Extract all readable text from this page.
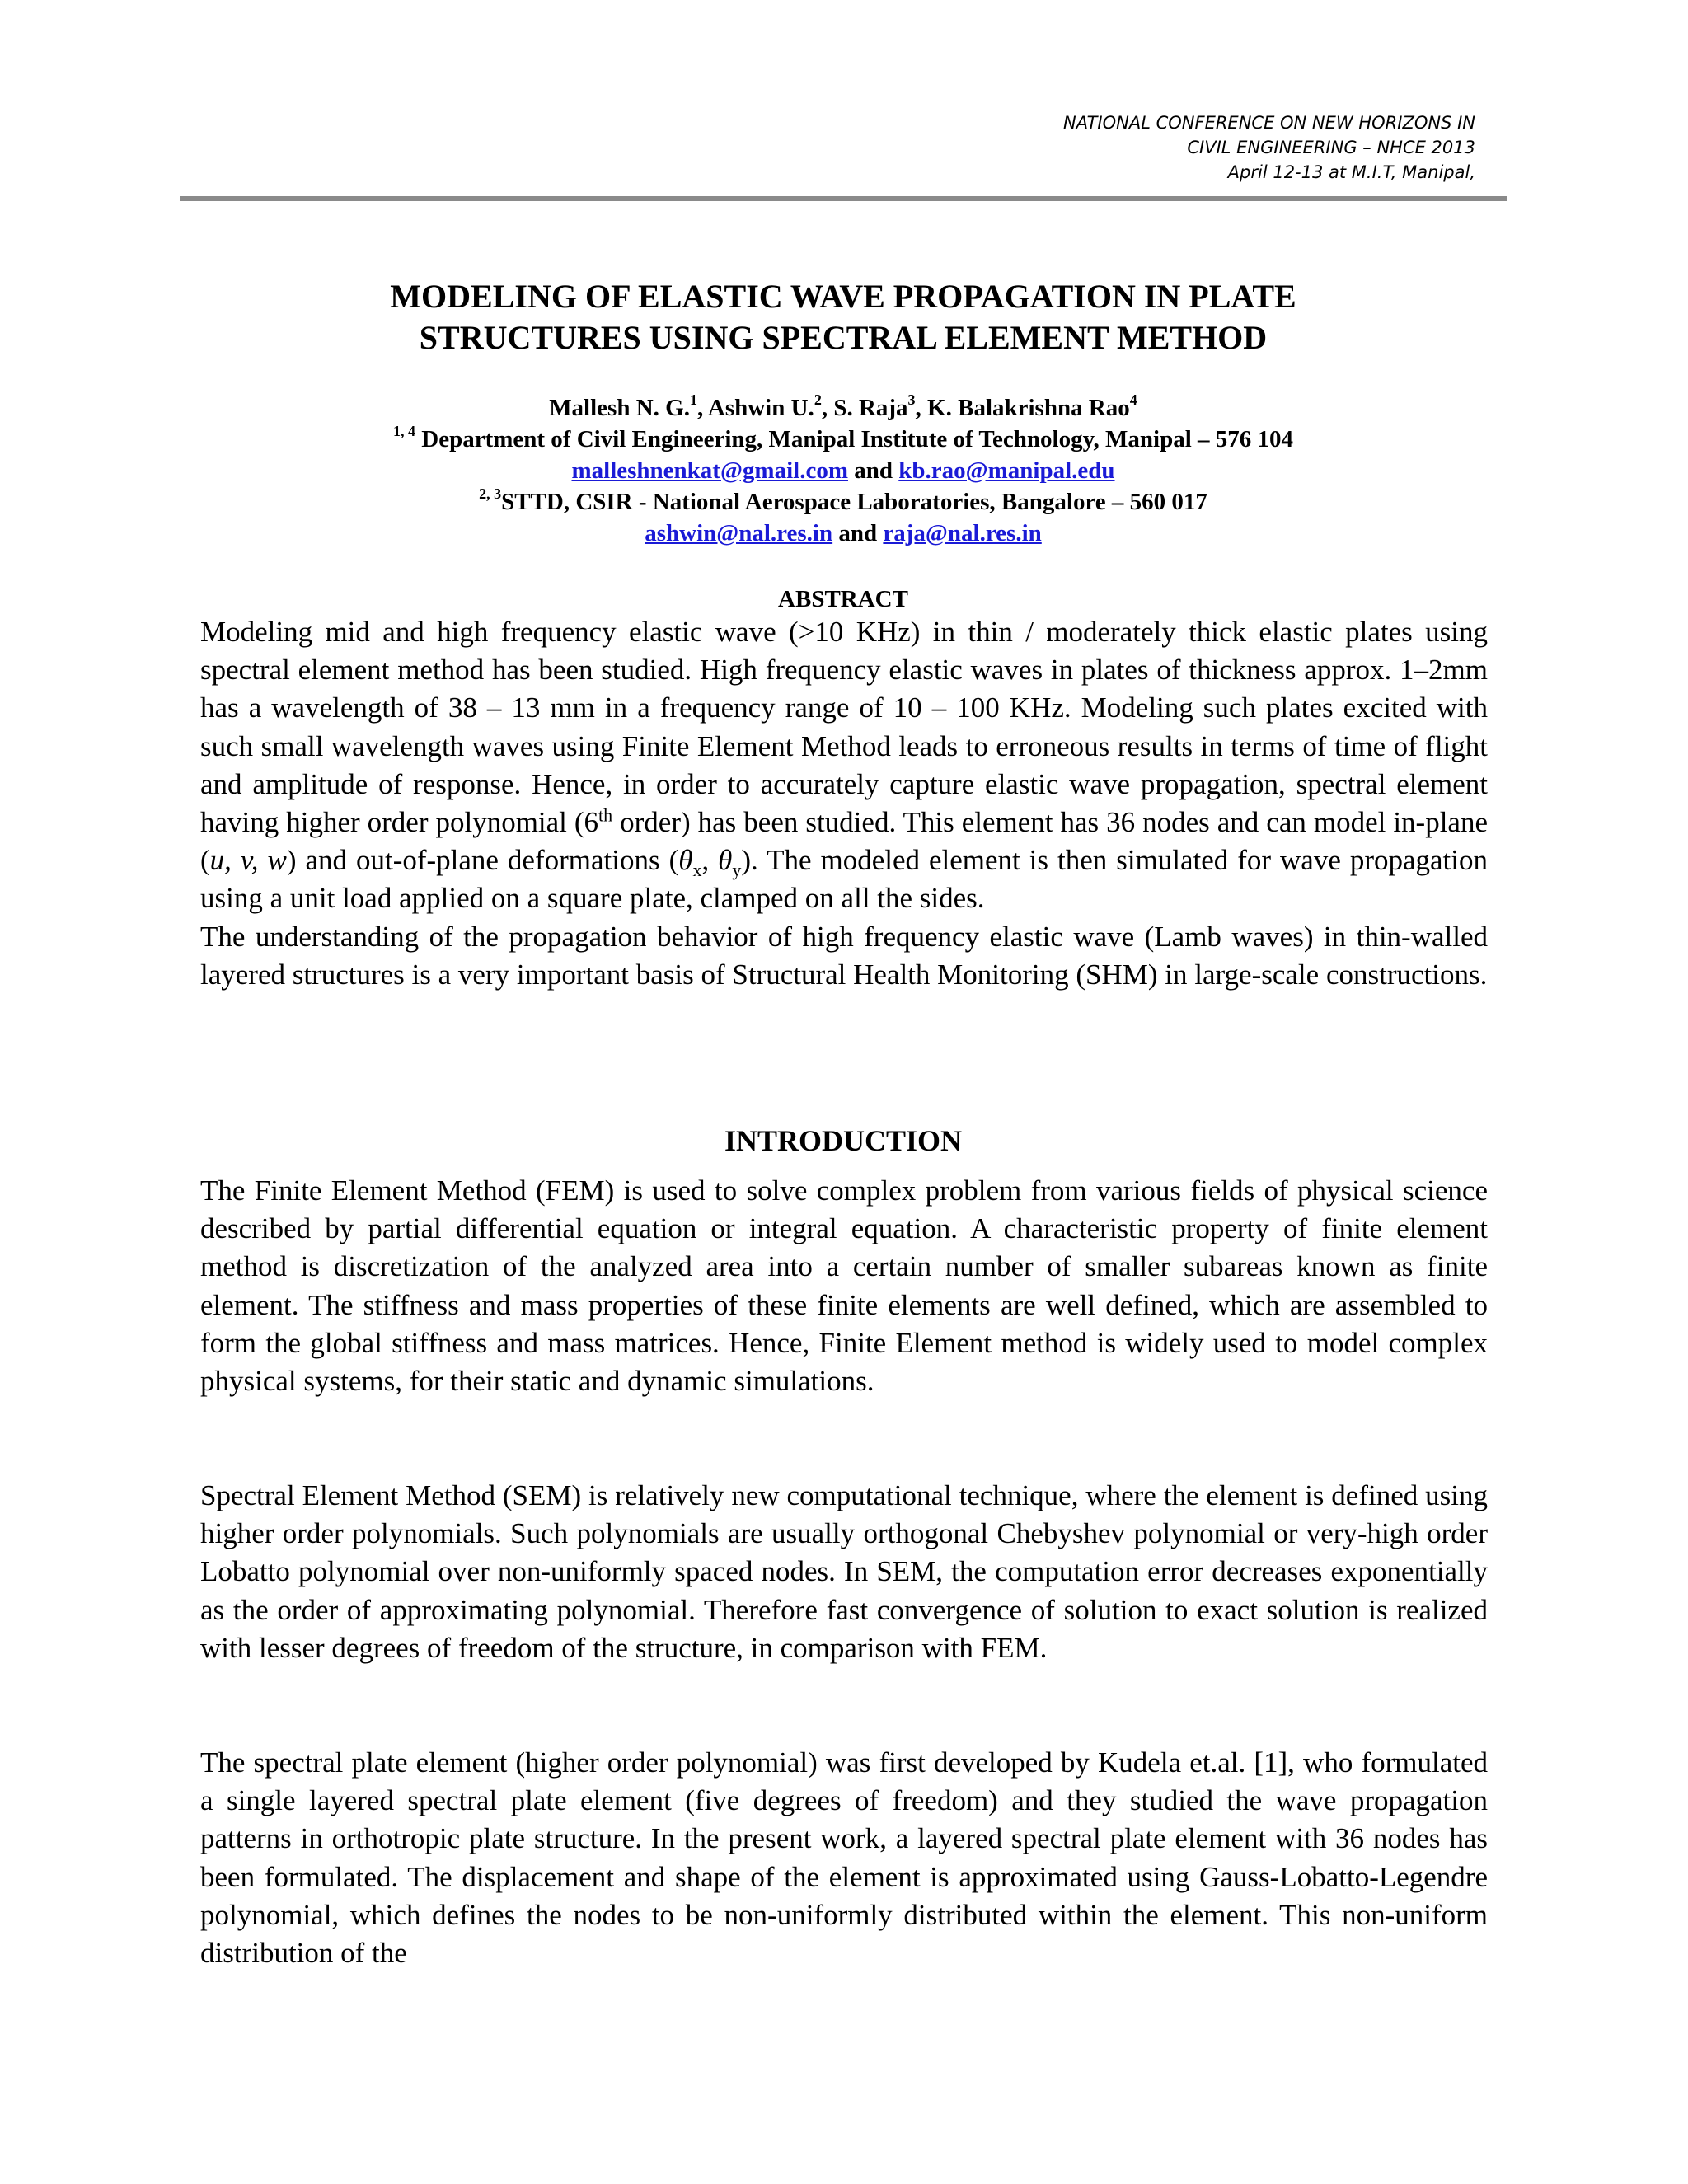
NATIONAL CONFERENCE ON NEW HORIZONS IN
CIVIL ENGINEERING – NHCE 2013
April 12-13 at M.I.T, Manipal,
MODELING OF ELASTIC WAVE PROPAGATION IN PLATE
STRUCTURES USING SPECTRAL ELEMENT METHOD
Mallesh N. G.$^1$, Ashwin U.$^2$, S. Raja$^3$, K. Balakrishna Rao$^4$
$^{1, 4}$ Department of Civil Engineering, Manipal Institute of Technology, Manipal – 576 104
malleshnenkat@gmail.com and kb.rao@manipal.edu
$^{2, 3}$STTD, CSIR - National Aerospace Laboratories, Bangalore – 560 017
ashwin@nal.res.in and raja@nal.res.in
ABSTRACT

Modeling mid and high frequency elastic wave (>10 KHz) in thin / moderately thick elastic plates using spectral element method has been studied. High frequency elastic waves in plates of thickness approx. 1–2mm has a wavelength of 38 – 13 mm in a frequency range of 10 – 100 KHz. Modeling such plates excited with such small wavelength waves using Finite Element Method leads to erroneous results in terms of time of flight and amplitude of response. Hence, in order to accurately capture elastic wave propagation, spectral element having higher order polynomial (6th order) has been studied. This element has 36 nodes and can model in-plane (u, v, w) and out-of-plane deformations ($\theta_x$, $\theta_y$). The modeled element is then simulated for wave propagation using a unit load applied on a square plate, clamped on all the sides.

The understanding of the propagation behavior of high frequency elastic wave (Lamb waves) in thin-walled layered structures is a very important basis of Structural Health Monitoring (SHM) in large-scale constructions.

INTRODUCTION
The Finite Element Method (FEM) is used to solve complex problem from various fields of physical science described by partial differential equation or integral equation. A characteristic property of finite element method is discretization of the analyzed area into a certain number of smaller subareas known as finite element. The stiffness and mass properties of these finite elements are well defined, which are assembled to form the global stiffness and mass matrices. Hence, Finite Element method is widely used to model complex physical systems, for their static and dynamic simulations.
Spectral Element Method (SEM) is relatively new computational technique, where the element is defined using higher order polynomials. Such polynomials are usually orthogonal Chebyshev polynomial or very-high order Lobatto polynomial over non-uniformly spaced nodes. In SEM, the computation error decreases exponentially as the order of approximating polynomial. Therefore fast convergence of solution to exact solution is realized with lesser degrees of freedom of the structure, in comparison with FEM.
The spectral plate element (higher order polynomial) was first developed by Kudela et.al. [1], who formulated a single layered spectral plate element (five degrees of freedom) and they studied the wave propagation patterns in orthotropic plate structure. In the present work, a layered spectral plate element with 36 nodes has been formulated. The displacement and shape of the element is approximated using Gauss-Lobatto-Legendre polynomial, which defines the nodes to be non-uniformly distributed within the element. This non-uniform distribution of the
